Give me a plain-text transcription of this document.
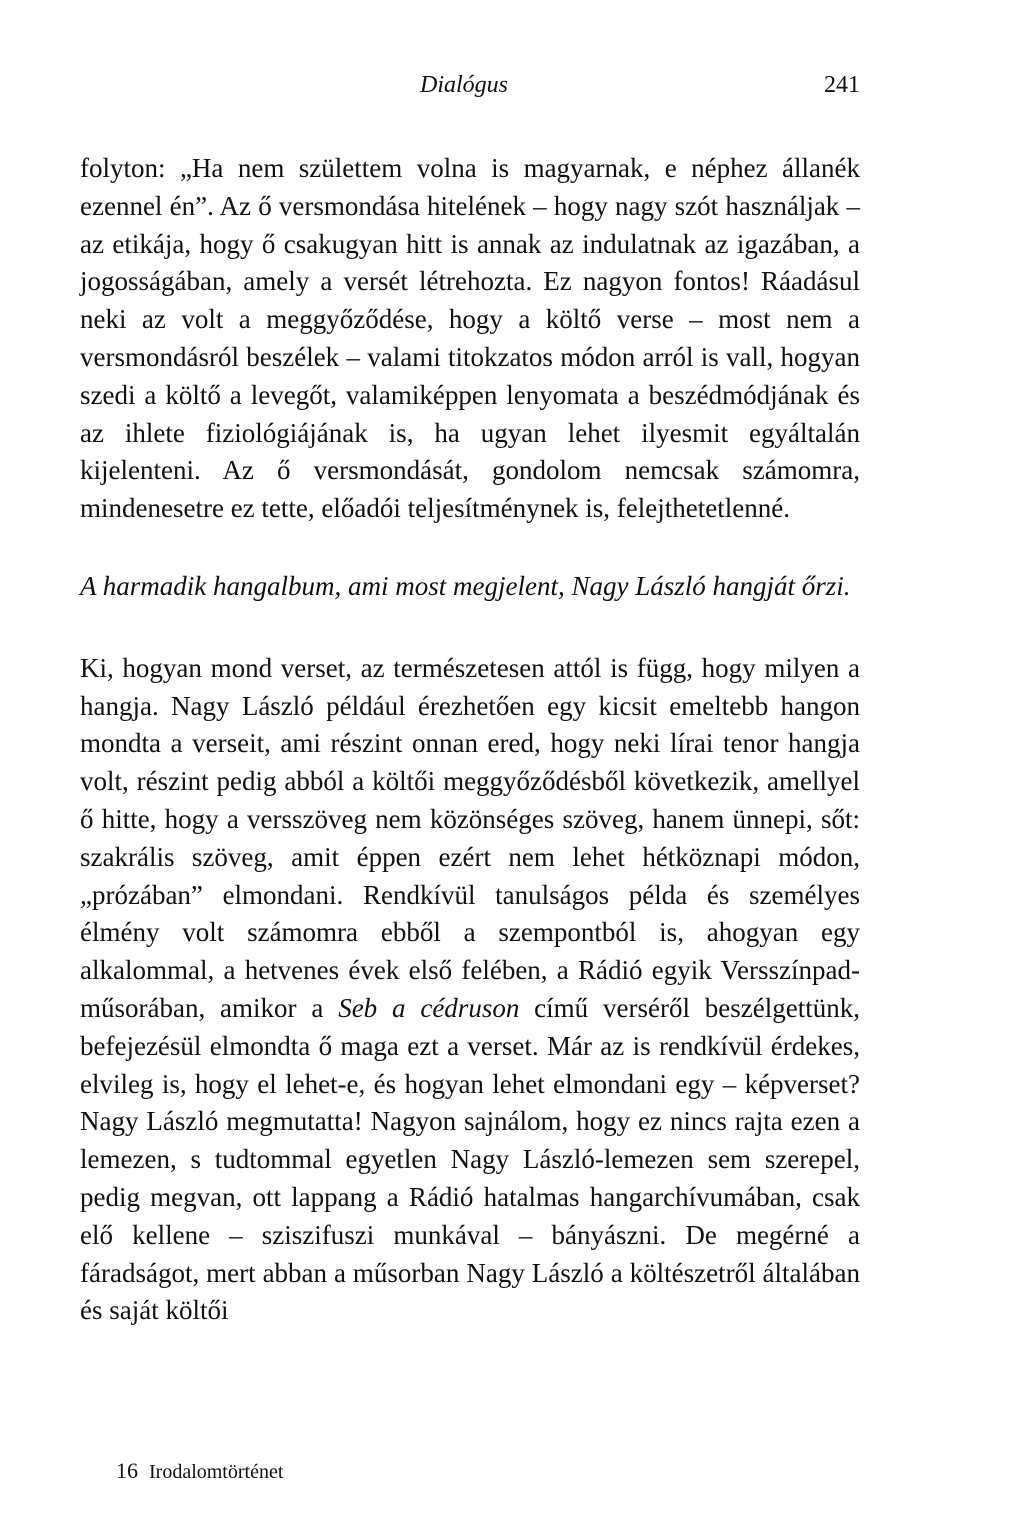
Dialógus	241

folyton: „Ha nem születtem volna is magyarnak, e néphez állanék ezennel én”. Az ő versmondása hitelének – hogy nagy szót használjak – az etikája, hogy ő csakugyan hitt is annak az indulatnak az igazában, a jogosságában, amely a versét létrehozta. Ez nagyon fontos! Ráadásul neki az volt a meggyőződése, hogy a költő verse – most nem a versmondásról beszélek – valami titokzatos módon arról is vall, hogyan szedi a költő a levegőt, valamiképpen lenyomata a beszédmódjának és az ihlete fiziológiájának is, ha ugyan lehet ilyesmit egyáltalán kijelenteni. Az ő versmondását, gondolom nemcsak számomra, mindenesetre ez tette, előadói teljesítménynek is, felejthetetlenné.

A harmadik hangalbum, ami most megjelent, Nagy László hangját őrzi.

Ki, hogyan mond verset, az természetesen attól is függ, hogy milyen a hangja. Nagy László például érezhetően egy kicsit emeltebb hangon mondta a verseit, ami részint onnan ered, hogy neki lírai tenor hangja volt, részint pedig abból a költői meggyőződésből következik, amellyel ő hitte, hogy a versszöveg nem közönséges szöveg, hanem ünnepi, sőt: szakrális szöveg, amit éppen ezért nem lehet hétköznapi módon, „prózában” elmondani. Rendkívül tanulságos példa és személyes élmény volt számomra ebből a szempontból is, ahogyan egy alkalommal, a hetvenes évek első felében, a Rádió egyik Versszínpad-műsorában, amikor a Seb a cédruson című verséről beszélgettünk, befejezésül elmondta ő maga ezt a verset. Már az is rendkívül érdekes, elvileg is, hogy el lehet-e, és hogyan lehet elmondani egy – képverset? Nagy László megmutatta! Nagyon sajnálom, hogy ez nincs rajta ezen a lemezen, s tudtommal egyetlen Nagy László-lemezen sem szerepel, pedig megvan, ott lappang a Rádió hatalmas hangarchívumában, csak elő kellene – sziszifuszi munkával – bányászni. De megérné a fáradságot, mert abban a műsorban Nagy László a költészetről általában és saját költői

16 Irodalomtörténet
